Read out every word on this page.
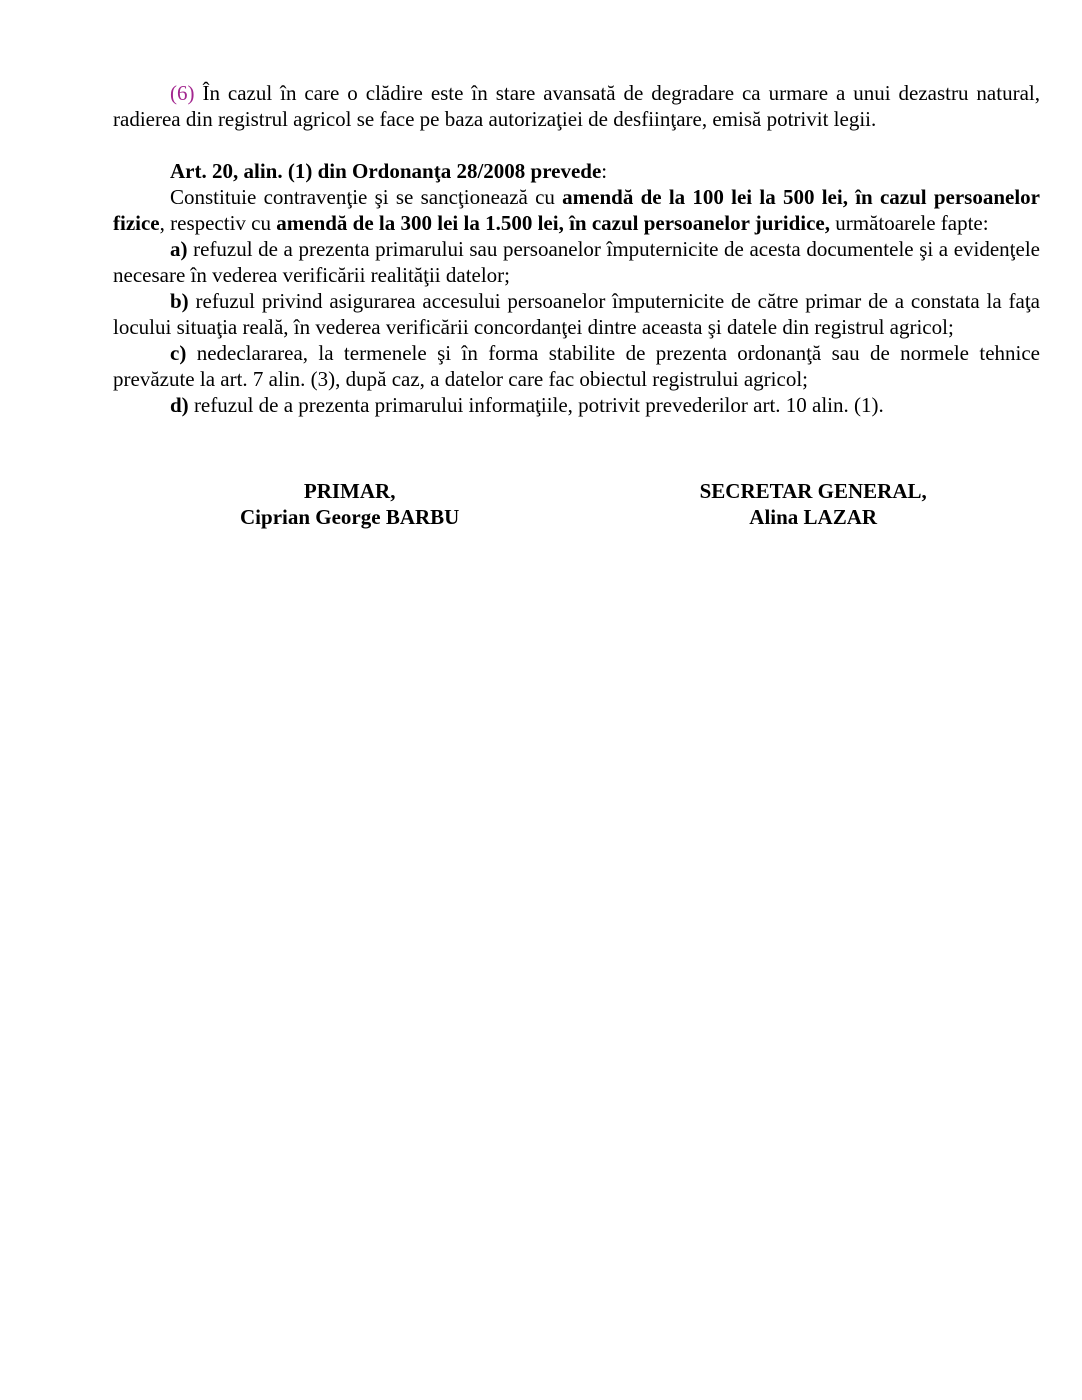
(6) În cazul în care o clădire este în stare avansată de degradare ca urmare a unui dezastru natural, radierea din registrul agricol se face pe baza autorizaţiei de desfiinţare, emisă potrivit legii.

Art. 20, alin. (1) din Ordonanţa 28/2008 prevede:

Constituie contravenţie şi se sancţionează cu amendă de la 100 lei la 500 lei, în cazul persoanelor fizice, respectiv cu amendă de la 300 lei la 1.500 lei, în cazul persoanelor juridice, următoarele fapte:

a) refuzul de a prezenta primarului sau persoanelor împuternicite de acesta documentele şi a evidenţele necesare în vederea verificării realităţii datelor;

b) refuzul privind asigurarea accesului persoanelor împuternicite de către primar de a constata la faţa locului situaţia reală, în vederea verificării concordanţei dintre aceasta şi datele din registrul agricol;

c) nedeclararea, la termenele şi în forma stabilite de prezenta ordonanţă sau de normele tehnice prevăzute la art. 7 alin. (3), după caz, a datelor care fac obiectul registrului agricol;

d) refuzul de a prezenta primarului informaţiile, potrivit prevederilor art. 10 alin. (1).

PRIMAR,

Ciprian George BARBU

SECRETAR GENERAL,

Alina LAZAR
